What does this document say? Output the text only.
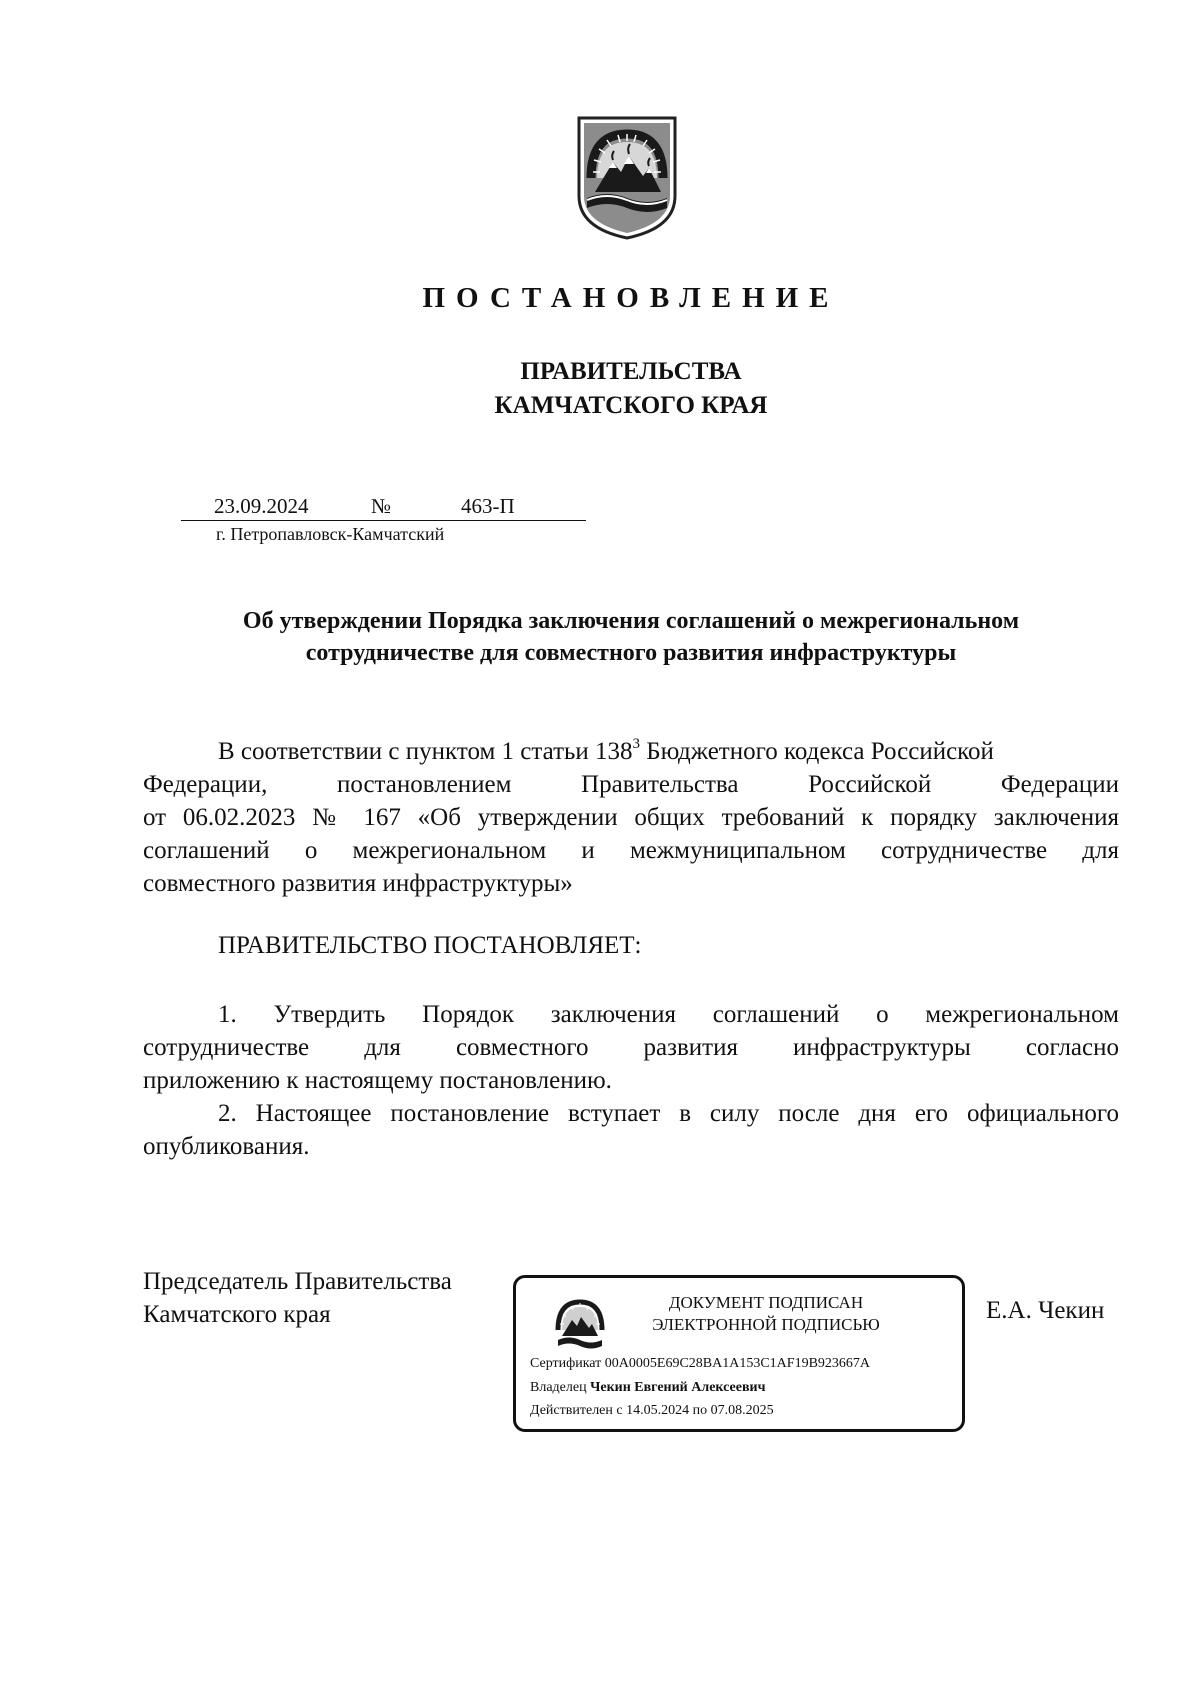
ПОСТАНОВЛЕНИЕ
ПРАВИТЕЛЬСТВА
КАМЧАТСКОГО КРАЯ
23.09.2024	№	463-П
г. Петропавловск-Камчатский
Об утверждении Порядка заключения соглашений о межрегиональном
сотрудничестве для совместного развития инфраструктуры
В соответствии с пунктом 1 статьи $138^3$ Бюджетного кодекса Российской
Федерации,	постановлением	Правительства	Российской	Федерации
от 06.02.2023 № 167 «Об утверждении общих требований к порядку заключения
соглашений о межрегиональном и межмуниципальном сотрудничестве для
совместного развития инфраструктуры»
ПРАВИТЕЛЬСТВО ПОСТАНОВЛЯЕТ:
1. Утвердить Порядок заключения соглашений о межрегиональном
сотрудничестве для совместного развития инфраструктуры согласно
приложению к настоящему постановлению.
2. Настоящее постановление вступает в силу после дня его официального
опубликования.
Председатель Правительства
Камчатского края	ДОКУМЕНТ ПОДПИСАН
ЭЛЕКТРОННОЙ ПОДПИСЬЮ
Сертификат 00A0005E69C28BA1A153C1AF19B923667A
Владелец Чекин Евгений Алексеевич
Действителен с 14.05.2024 по 07.08.2025
Е.А. Чекин
